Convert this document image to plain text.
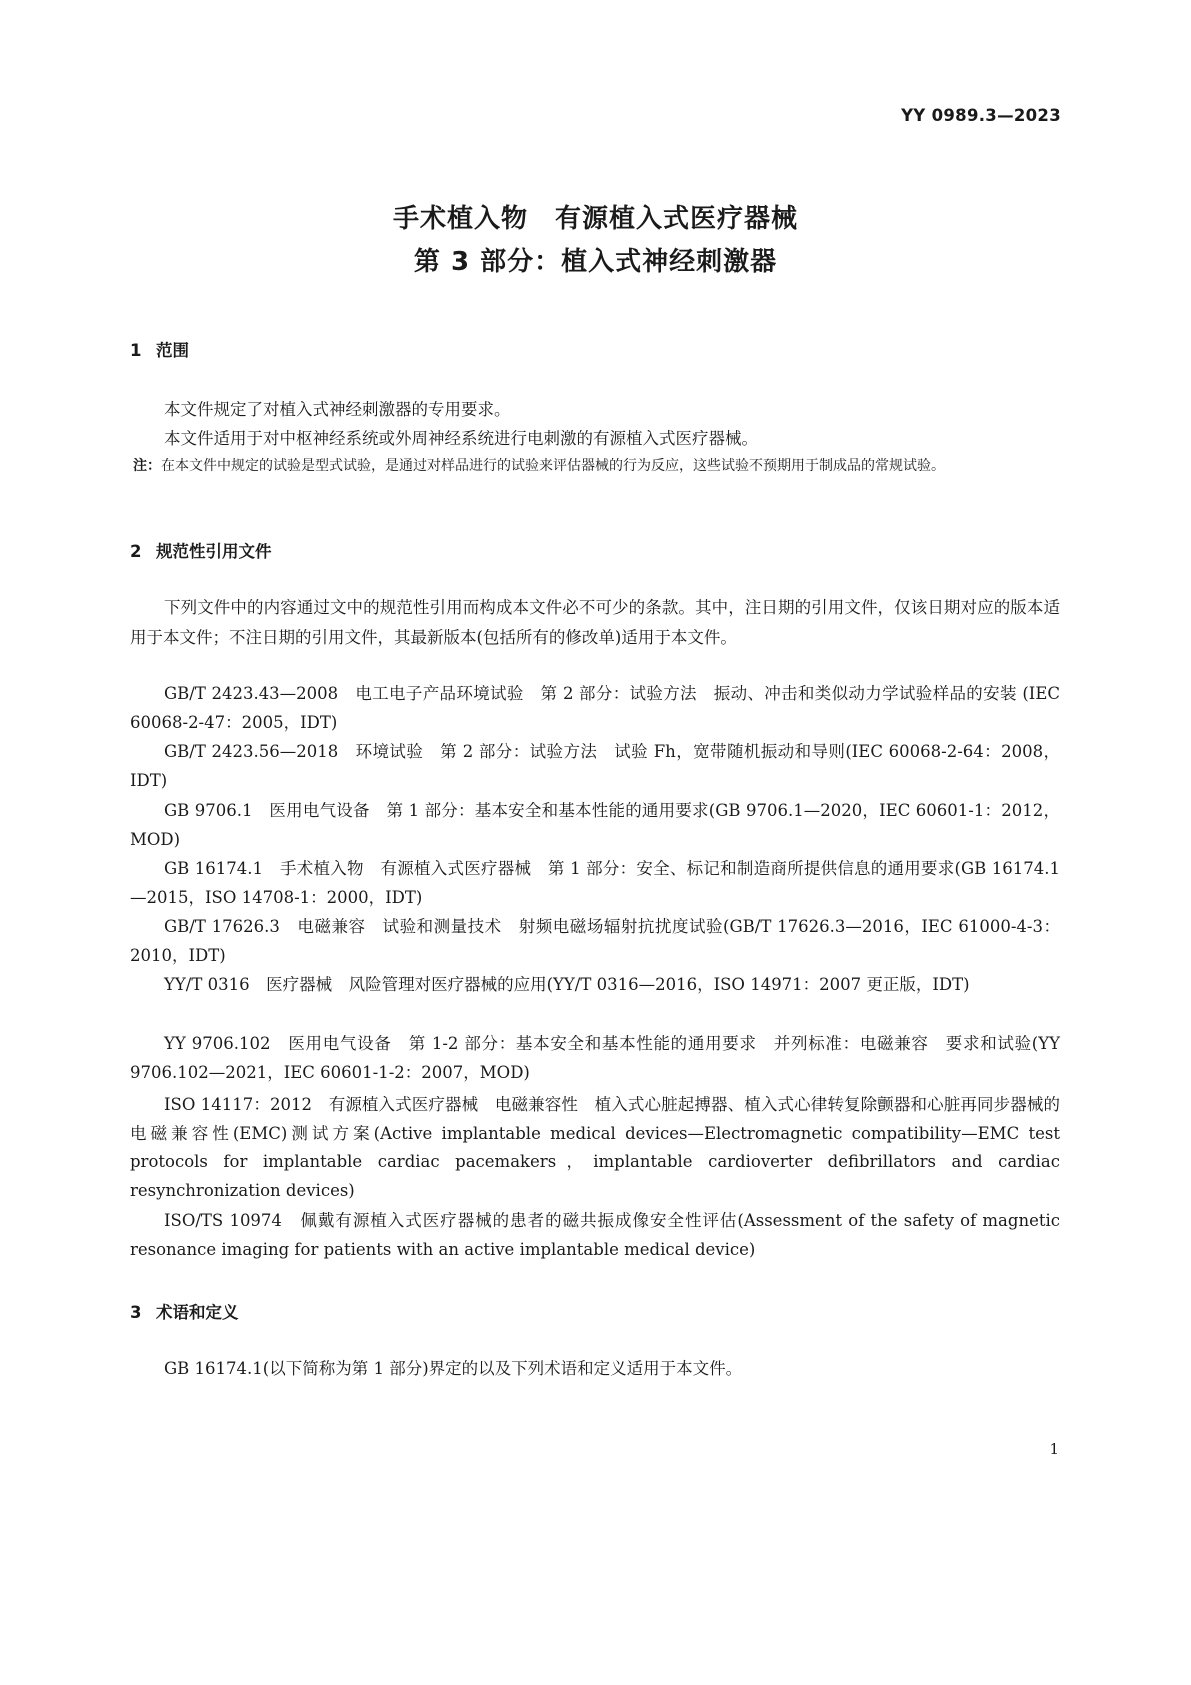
YY 0989.3—2023

手术植入物　有源植入式医疗器械
第 3 部分：植入式神经刺激器
1 范围

本文件规定了对植入式神经刺激器的专用要求。

本文件适用于对中枢神经系统或外周神经系统进行电刺激的有源植入式医疗器械。

注：在本文件中规定的试验是型式试验，是通过对样品进行的试验来评估器械的行为反应，这些试验不预期用于制成品的常规试验。

2 规范性引用文件

下列文件中的内容通过文中的规范性引用而构成本文件必不可少的条款。其中，注日期的引用文件，仅该日期对应的版本适用于本文件；不注日期的引用文件，其最新版本(包括所有的修改单)适用于本文件。

GB/T 2423.43—2008　电工电子产品环境试验　第 2 部分：试验方法　振动、冲击和类似动力学试验样品的安装 (IEC 60068-2-47：2005，IDT)

GB/T 2423.56—2018　环境试验　第 2 部分：试验方法　试验 Fh，宽带随机振动和导则(IEC 60068-2-64：2008，IDT)

GB 9706.1　医用电气设备　第 1 部分：基本安全和基本性能的通用要求(GB 9706.1—2020，IEC 60601-1：2012，MOD)

GB 16174.1　手术植入物　有源植入式医疗器械　第 1 部分：安全、标记和制造商所提供信息的通用要求(GB 16174.1—2015，ISO 14708-1：2000，IDT)

GB/T 17626.3　电磁兼容　试验和测量技术　射频电磁场辐射抗扰度试验(GB/T 17626.3—2016，IEC 61000-4-3：2010，IDT)

YY/T 0316　医疗器械　风险管理对医疗器械的应用(YY/T 0316—2016，ISO 14971：2007 更正版，IDT)

YY 9706.102　医用电气设备　第 1-2 部分：基本安全和基本性能的通用要求　并列标准：电磁兼容　要求和试验(YY 9706.102—2021，IEC 60601-1-2：2007，MOD)

ISO 14117：2012　有源植入式医疗器械　电磁兼容性　植入式心脏起搏器、植入式心律转复除颤器和心脏再同步器械的电磁兼容性(EMC)测试方案(Active implantable medical devices—Electromagnetic compatibility—EMC test protocols for implantable cardiac pacemakers，implantable cardioverter defibrillators and cardiac resynchronization devices)

ISO/TS 10974　佩戴有源植入式医疗器械的患者的磁共振成像安全性评估(Assessment of the safety of magnetic resonance imaging for patients with an active implantable medical device)

3 术语和定义

GB 16174.1(以下简称为第 1 部分)界定的以及下列术语和定义适用于本文件。

1
